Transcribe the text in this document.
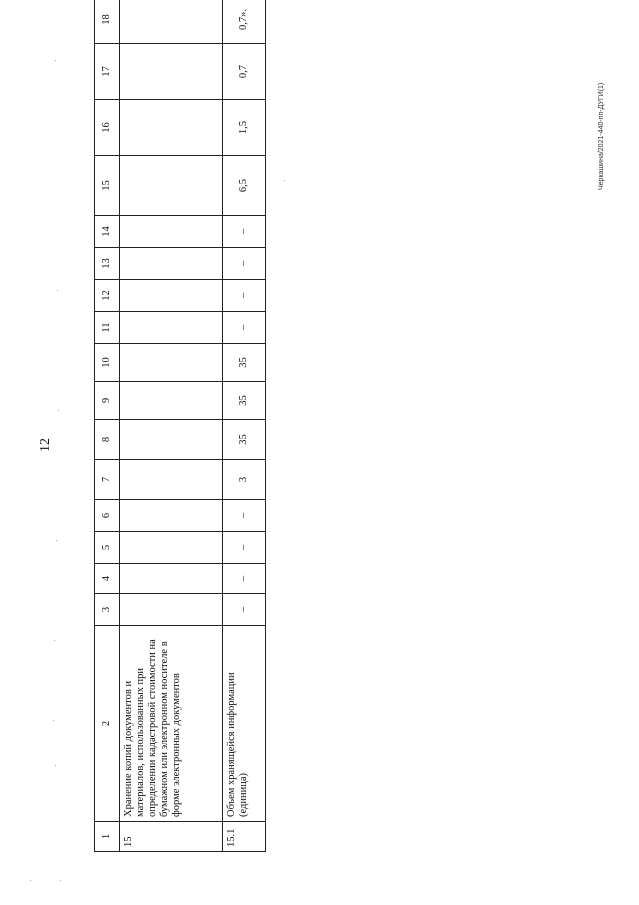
12
Черкашина/2021-440-пп-ДУГИ(1)
1	2	3	4	5	6	7	8	9	10	11	12	13	14	15	16	17	18
15	Хранение копий документов и материалов, использованных при определении кадастровой стоимости на бумажном или электронном носителе в форме электронных документов																
15.1	Объем хранящейся информации (единица)	–	–	–	–	3	35	35	35	–	–	–	–	6,5	1,5	0,7	0,7».
